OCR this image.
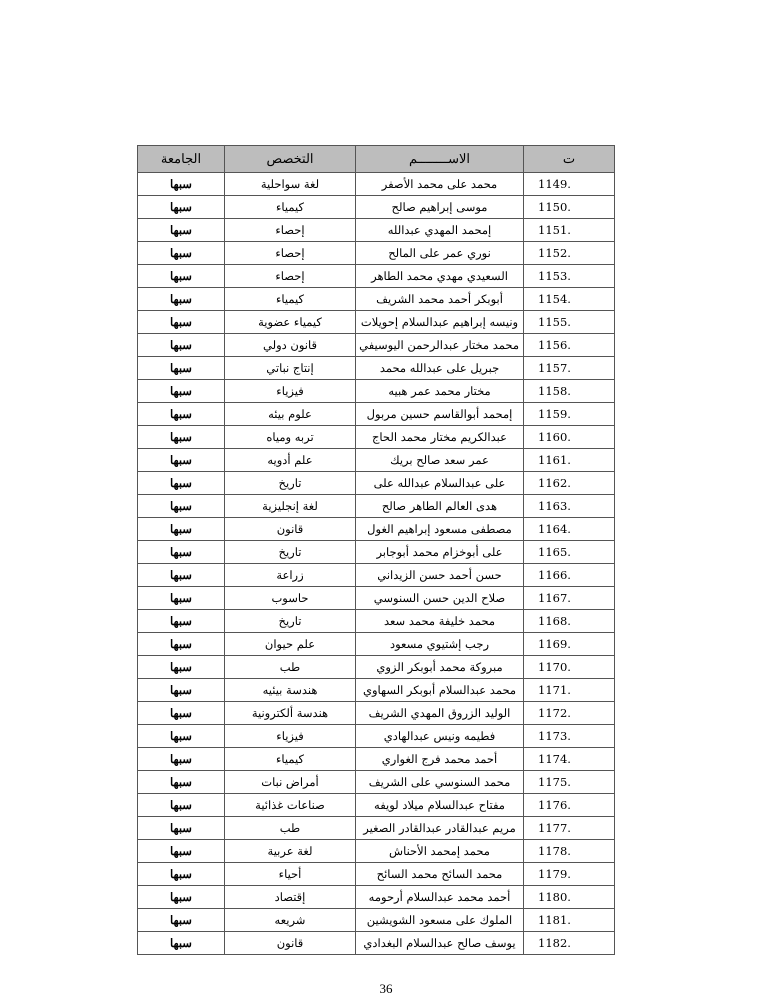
ت	الاســــــــم	التخصص	الجامعة
1149.	محمد على محمد الأصفر	لغة سواحلية	سبها
1150.	موسى إبراهيم صالح	كيمياء	سبها
1151.	إمحمد المهدي عبدالله	إحصاء	سبها
1152.	نوري عمر على المالح	إحصاء	سبها
1153.	السعيدي مهدي محمد الطاهر	إحصاء	سبها
1154.	أبوبكر أحمد محمد الشريف	كيمياء	سبها
1155.	ونيسه إبراهيم عبدالسلام إحويلات	كيمياء عضوية	سبها
1156.	محمد مختار عبدالرحمن اليوسيفي	قانون دولي	سبها
1157.	جبريل على عبدالله محمد	إنتاج نباتي	سبها
1158.	مختار محمد عمر هبيه	فيزياء	سبها
1159.	إمحمد أبوالقاسم حسين مربول	علوم بيئه	سبها
1160.	عبدالكريم مختار محمد الحاج	تربه ومياه	سبها
1161.	عمر سعد صالح بريك	علم أدويه	سبها
1162.	على عبدالسلام عبدالله على	تاريخ	سبها
1163.	هدى العالم الطاهر صالح	لغة إنجليزية	سبها
1164.	مصطفى مسعود إبراهيم الغول	قانون	سبها
1165.	على أبوخزام محمد أبوجابر	تاريخ	سبها
1166.	حسن أحمد حسن الزيداني	زراعة	سبها
1167.	صلاح الدين حسن السنوسي	حاسوب	سبها
1168.	محمد خليفة محمد سعد	تاريخ	سبها
1169.	رجب إشتيوي مسعود	علم حيوان	سبها
1170.	مبروكة محمد أبوبكر الزوي	طب	سبها
1171.	محمد عبدالسلام أبوبكر السهاوي	هندسة بيئيه	سبها
1172.	الوليد الزروق المهدي الشريف	هندسة ألكترونية	سبها
1173.	فطيمه ونيس عبدالهادي	فيزياء	سبها
1174.	أحمد محمد فرج الغواري	كيمياء	سبها
1175.	محمد السنوسي على الشريف	أمراض نبات	سبها
1176.	مفتاح عبدالسلام ميلاد لويفه	صناعات غذائية	سبها
1177.	مريم عبدالقادر عبدالقادر الصغير	طب	سبها
1178.	محمد إمحمد الأحناش	لغة عربية	سبها
1179.	محمد السائح محمد السائح	أحياء	سبها
1180.	أحمد محمد عبدالسلام أرحومه	إقتصاد	سبها
1181.	الملوك على مسعود الشويشين	شريعه	سبها
1182.	يوسف صالح عبدالسلام البغدادي	قانون	سبها
36
